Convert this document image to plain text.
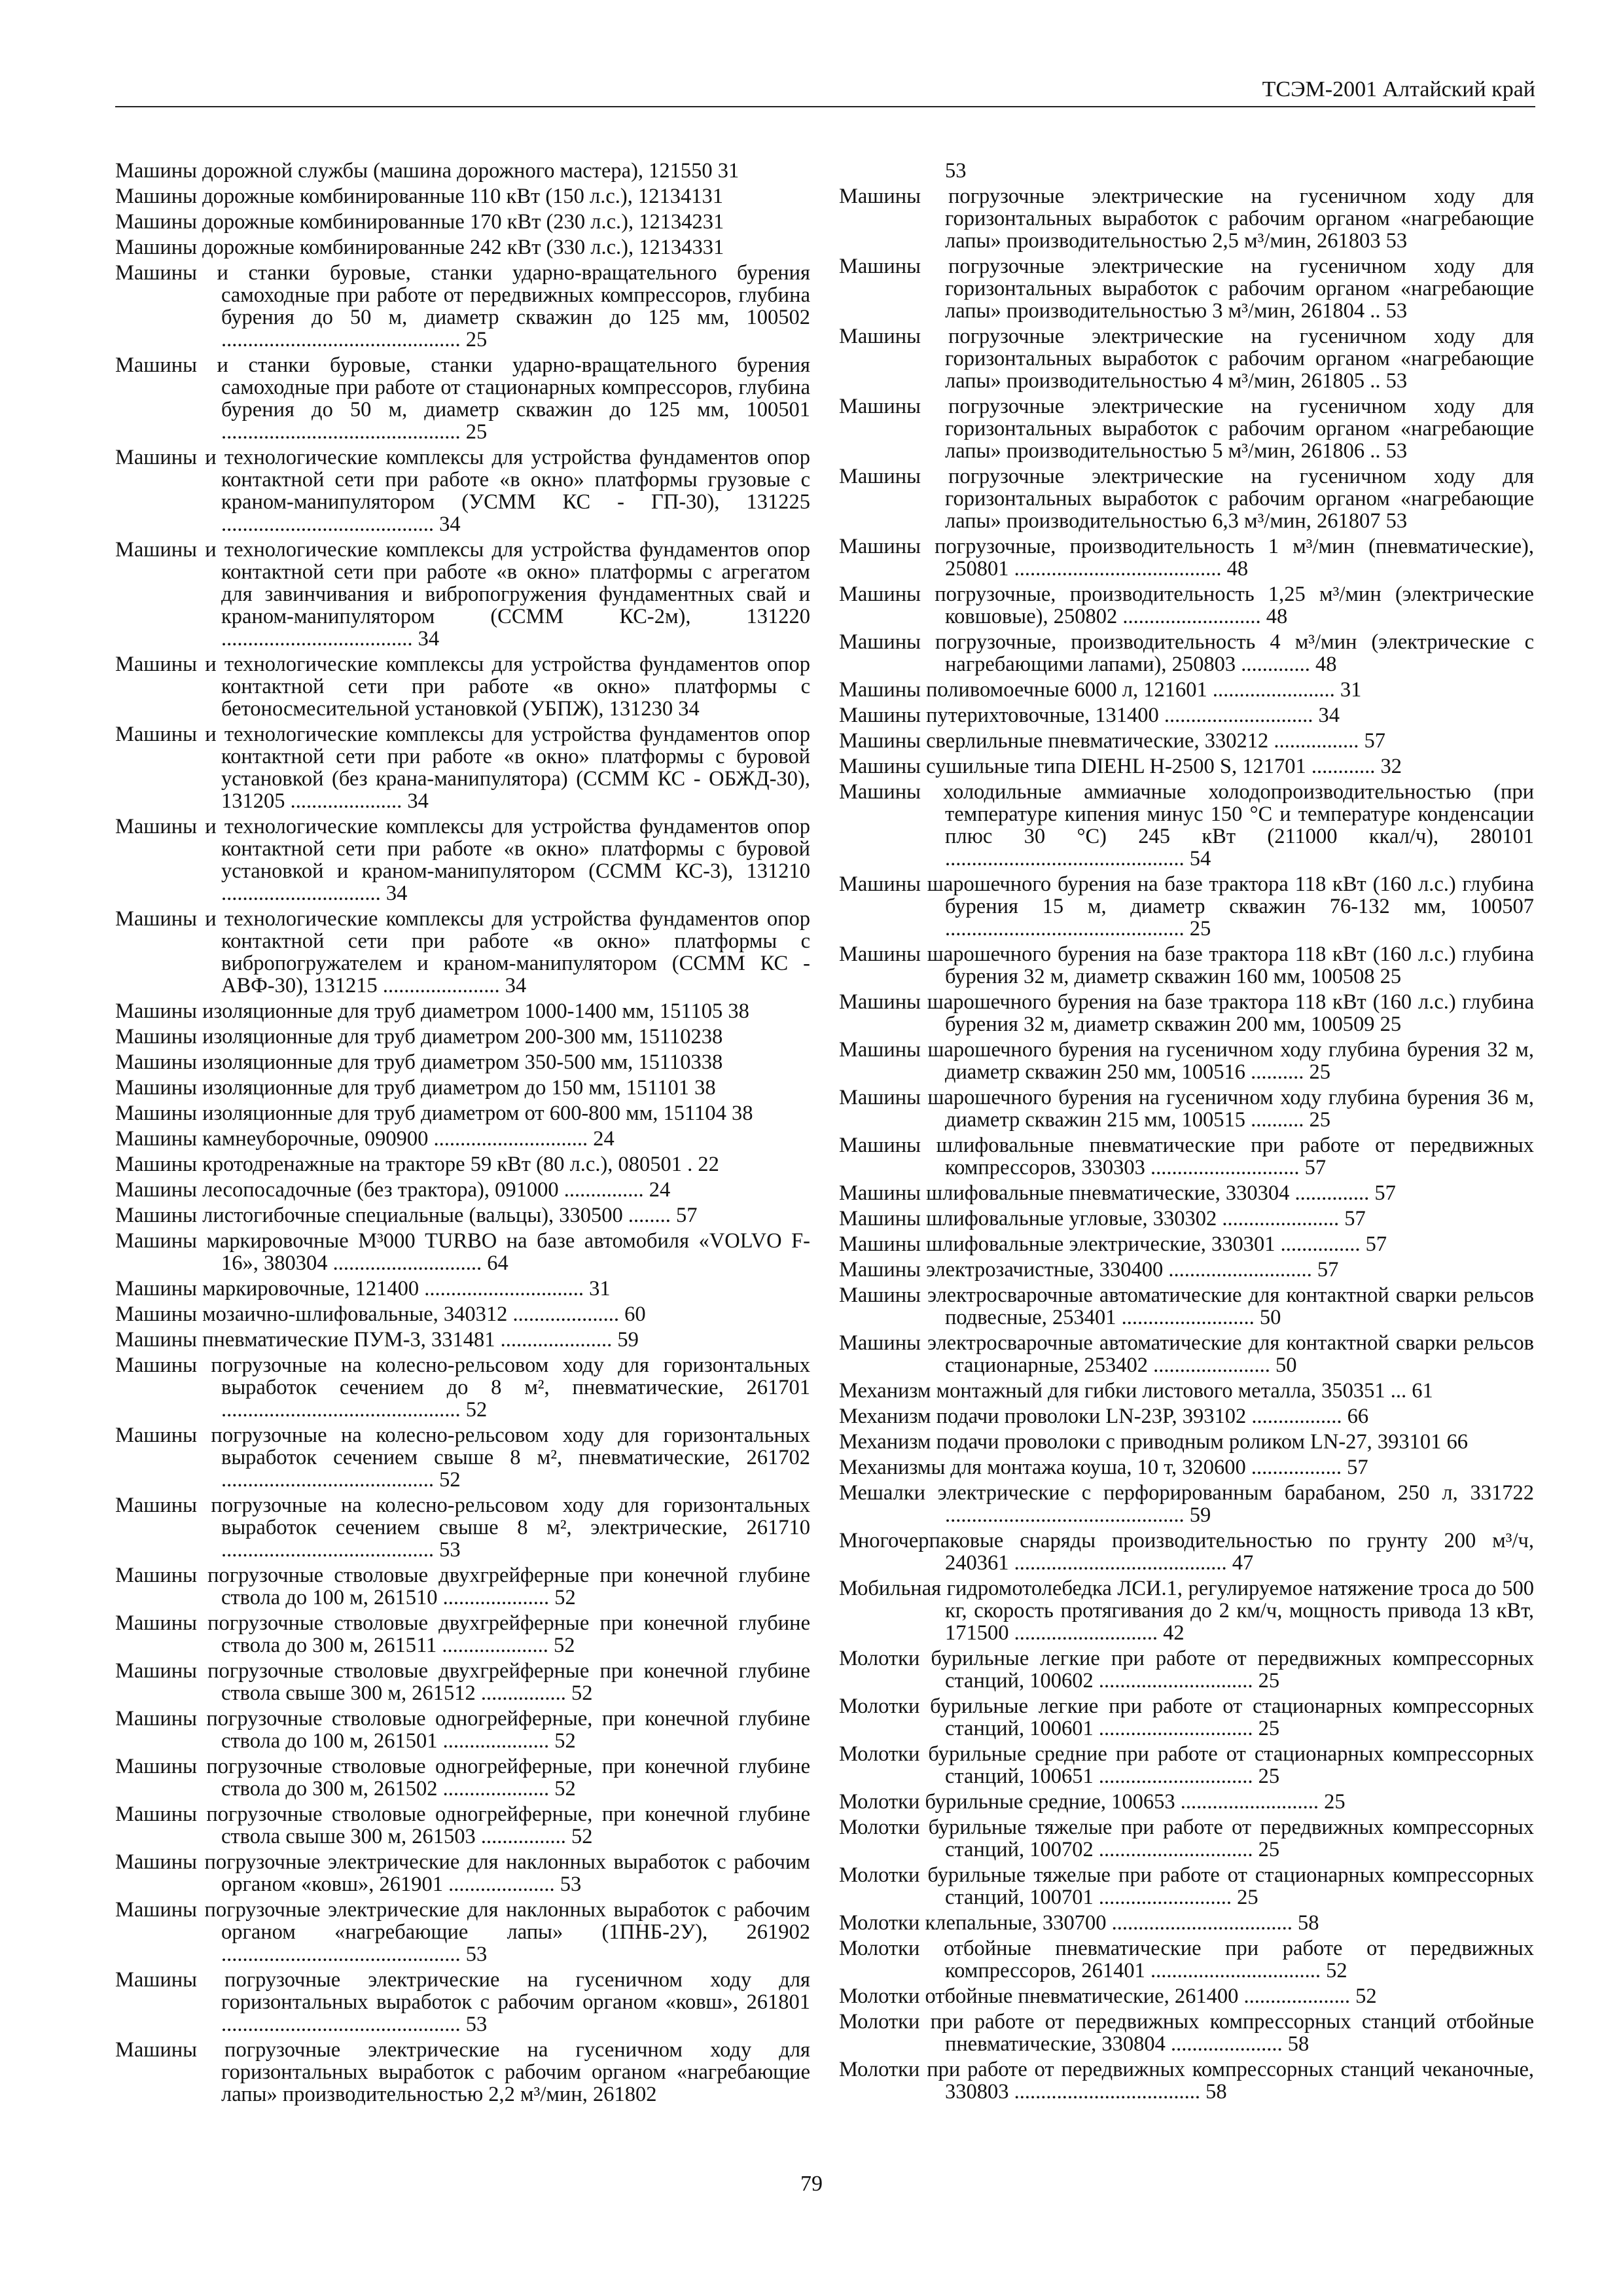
ТСЭМ-2001 Алтайский край

Машины дорожной службы (машина дорожного мастера), 121550 31

Машины дорожные комбинированные 110 кВт (150 л.с.), 12134131

Машины дорожные комбинированные 170 кВт (230 л.с.), 12134231

Машины дорожные комбинированные 242 кВт (330 л.с.), 12134331

Машины и станки буровые, станки ударно-вращательного бурения самоходные при работе от передвижных компрессоров, глубина бурения до 50 м, диаметр скважин до 125 мм, 100502 ............................................. 25

Машины и станки буровые, станки ударно-вращательного бурения самоходные при работе от стационарных компрессоров, глубина бурения до 50 м, диаметр скважин до 125 мм, 100501 ............................................. 25

Машины и технологические комплексы для устройства фундаментов опор контактной сети при работе «в окно» платформы грузовые с краном-манипулятором (УСММ КС - ГП-30), 131225 ........................................ 34

Машины и технологические комплексы для устройства фундаментов опор контактной сети при работе «в окно» платформы с агрегатом для завинчивания и вибропогружения фундаментных свай и краном-манипулятором (ССММ КС-2м), 131220 .................................... 34

Машины и технологические комплексы для устройства фундаментов опор контактной сети при работе «в окно» платформы с бетоносмесительной установкой (УБПЖ), 131230 34

Машины и технологические комплексы для устройства фундаментов опор контактной сети при работе «в окно» платформы с буровой установкой (без крана-манипулятора) (ССММ КС - ОБЖД-30), 131205 ..................... 34

Машины и технологические комплексы для устройства фундаментов опор контактной сети при работе «в окно» платформы с буровой установкой и краном-манипулятором (ССММ КС-3), 131210 .............................. 34

Машины и технологические комплексы для устройства фундаментов опор контактной сети при работе «в окно» платформы с вибропогружателем и краном-манипулятором (ССММ КС - АВФ-30), 131215 ...................... 34

Машины изоляционные для труб диаметром 1000-1400 мм, 151105 38

Машины изоляционные для труб диаметром 200-300 мм, 15110238

Машины изоляционные для труб диаметром 350-500 мм, 15110338

Машины изоляционные для труб диаметром до 150 мм, 151101 38

Машины изоляционные для труб диаметром от 600-800 мм, 151104 38

Машины камнеуборочные, 090900 ............................. 24

Машины кротодренажные на тракторе 59 кВт (80 л.с.), 080501 . 22

Машины лесопосадочные (без трактора), 091000 ............... 24

Машины листогибочные специальные (вальцы), 330500 ........ 57

Машины маркировочные М³000 TURBO на базе автомобиля «VOLVO F-16», 380304 ............................ 64

Машины маркировочные, 121400 .............................. 31

Машины мозаично-шлифовальные, 340312 .................... 60

Машины пневматические ПУМ-3, 331481 ..................... 59

Машины погрузочные на колесно-рельсовом ходу для горизонтальных выработок сечением до 8 м², пневматические, 261701 ............................................. 52

Машины погрузочные на колесно-рельсовом ходу для горизонтальных выработок сечением свыше 8 м², пневматические, 261702 ........................................ 52

Машины погрузочные на колесно-рельсовом ходу для горизонтальных выработок сечением свыше 8 м², электрические, 261710 ........................................ 53

Машины погрузочные стволовые двухгрейферные при конечной глубине ствола до 100 м, 261510 .................... 52

Машины погрузочные стволовые двухгрейферные при конечной глубине ствола до 300 м, 261511 .................... 52

Машины погрузочные стволовые двухгрейферные при конечной глубине ствола свыше 300 м, 261512 ................ 52

Машины погрузочные стволовые одногрейферные, при конечной глубине ствола до 100 м, 261501 .................... 52

Машины погрузочные стволовые одногрейферные, при конечной глубине ствола до 300 м, 261502 .................... 52

Машины погрузочные стволовые одногрейферные, при конечной глубине ствола свыше 300 м, 261503 ................ 52

Машины погрузочные электрические для наклонных выработок с рабочим органом «ковш», 261901 .................... 53

Машины погрузочные электрические для наклонных выработок с рабочим органом «нагребающие лапы» (1ПНБ-2У), 261902 ............................................. 53

Машины погрузочные электрические на гусеничном ходу для горизонтальных выработок с рабочим органом «ковш», 261801 ............................................. 53

Машины погрузочные электрические на гусеничном ходу для горизонтальных выработок с рабочим органом «нагребающие лапы» производительностью 2,2 м³/мин, 261802

53

Машины погрузочные электрические на гусеничном ходу для горизонтальных выработок с рабочим органом «нагребающие лапы» производительностью 2,5 м³/мин, 261803 53

Машины погрузочные электрические на гусеничном ходу для горизонтальных выработок с рабочим органом «нагребающие лапы» производительностью 3 м³/мин, 261804 .. 53

Машины погрузочные электрические на гусеничном ходу для горизонтальных выработок с рабочим органом «нагребающие лапы» производительностью 4 м³/мин, 261805 .. 53

Машины погрузочные электрические на гусеничном ходу для горизонтальных выработок с рабочим органом «нагребающие лапы» производительностью 5 м³/мин, 261806 .. 53

Машины погрузочные электрические на гусеничном ходу для горизонтальных выработок с рабочим органом «нагребающие лапы» производительностью 6,3 м³/мин, 261807 53

Машины погрузочные, производительность 1 м³/мин (пневматические), 250801 ....................................... 48

Машины погрузочные, производительность 1,25 м³/мин (электрические ковшовые), 250802 .......................... 48

Машины погрузочные, производительность 4 м³/мин (электрические с нагребающими лапами), 250803 ............. 48

Машины поливомоечные 6000 л, 121601 ....................... 31

Машины путерихтовочные, 131400 ............................ 34

Машины сверлильные пневматические, 330212 ................ 57

Машины сушильные типа DIEHL H-2500 S, 121701 ............ 32

Машины холодильные аммиачные холодопроизводительностью (при температуре кипения минус 150 °С и температуре конденсации плюс 30 °С) 245 кВт (211000 ккал/ч), 280101 ............................................. 54

Машины шарошечного бурения на базе трактора 118 кВт (160 л.с.) глубина бурения 15 м, диаметр скважин 76-132 мм, 100507 ............................................. 25

Машины шарошечного бурения на базе трактора 118 кВт (160 л.с.) глубина бурения 32 м, диаметр скважин 160 мм, 100508 25

Машины шарошечного бурения на базе трактора 118 кВт (160 л.с.) глубина бурения 32 м, диаметр скважин 200 мм, 100509 25

Машины шарошечного бурения на гусеничном ходу глубина бурения 32 м, диаметр скважин 250 мм, 100516 .......... 25

Машины шарошечного бурения на гусеничном ходу глубина бурения 36 м, диаметр скважин 215 мм, 100515 .......... 25

Машины шлифовальные пневматические при работе от передвижных компрессоров, 330303 ............................ 57

Машины шлифовальные пневматические, 330304 .............. 57

Машины шлифовальные угловые, 330302 ...................... 57

Машины шлифовальные электрические, 330301 ............... 57

Машины электрозачистные, 330400 ........................... 57

Машины электросварочные автоматические для контактной сварки рельсов подвесные, 253401 ......................... 50

Машины электросварочные автоматические для контактной сварки рельсов стационарные, 253402 ...................... 50

Механизм монтажный для гибки листового металла, 350351 ... 61

Механизм подачи проволоки LN-23P, 393102 ................. 66

Механизм подачи проволоки с приводным роликом LN-27, 393101 66

Механизмы для монтажа коуша, 10 т, 320600 ................. 57

Мешалки электрические с перфорированным барабаном, 250 л, 331722 ............................................. 59

Многочерпаковые снаряды производительностью по грунту 200 м³/ч, 240361 ........................................ 47

Мобильная гидромотолебедка ЛСИ.1, регулируемое натяжение троса до 500 кг, скорость протягивания до 2 км/ч, мощность привода 13 кВт, 171500 ........................... 42

Молотки бурильные легкие при работе от передвижных компрессорных станций, 100602 ............................. 25

Молотки бурильные легкие при работе от стационарных компрессорных станций, 100601 ............................. 25

Молотки бурильные средние при работе от стационарных компрессорных станций, 100651 ............................. 25

Молотки бурильные средние, 100653 .......................... 25

Молотки бурильные тяжелые при работе от передвижных компрессорных станций, 100702 ............................. 25

Молотки бурильные тяжелые при работе от стационарных компрессорных станций, 100701 ......................... 25

Молотки клепальные, 330700 .................................. 58

Молотки отбойные пневматические при работе от передвижных компрессоров, 261401 ................................ 52

Молотки отбойные пневматические, 261400 .................... 52

Молотки при работе от передвижных компрессорных станций отбойные пневматические, 330804 ..................... 58

Молотки при работе от передвижных компрессорных станций чеканочные, 330803 ................................... 58

79
